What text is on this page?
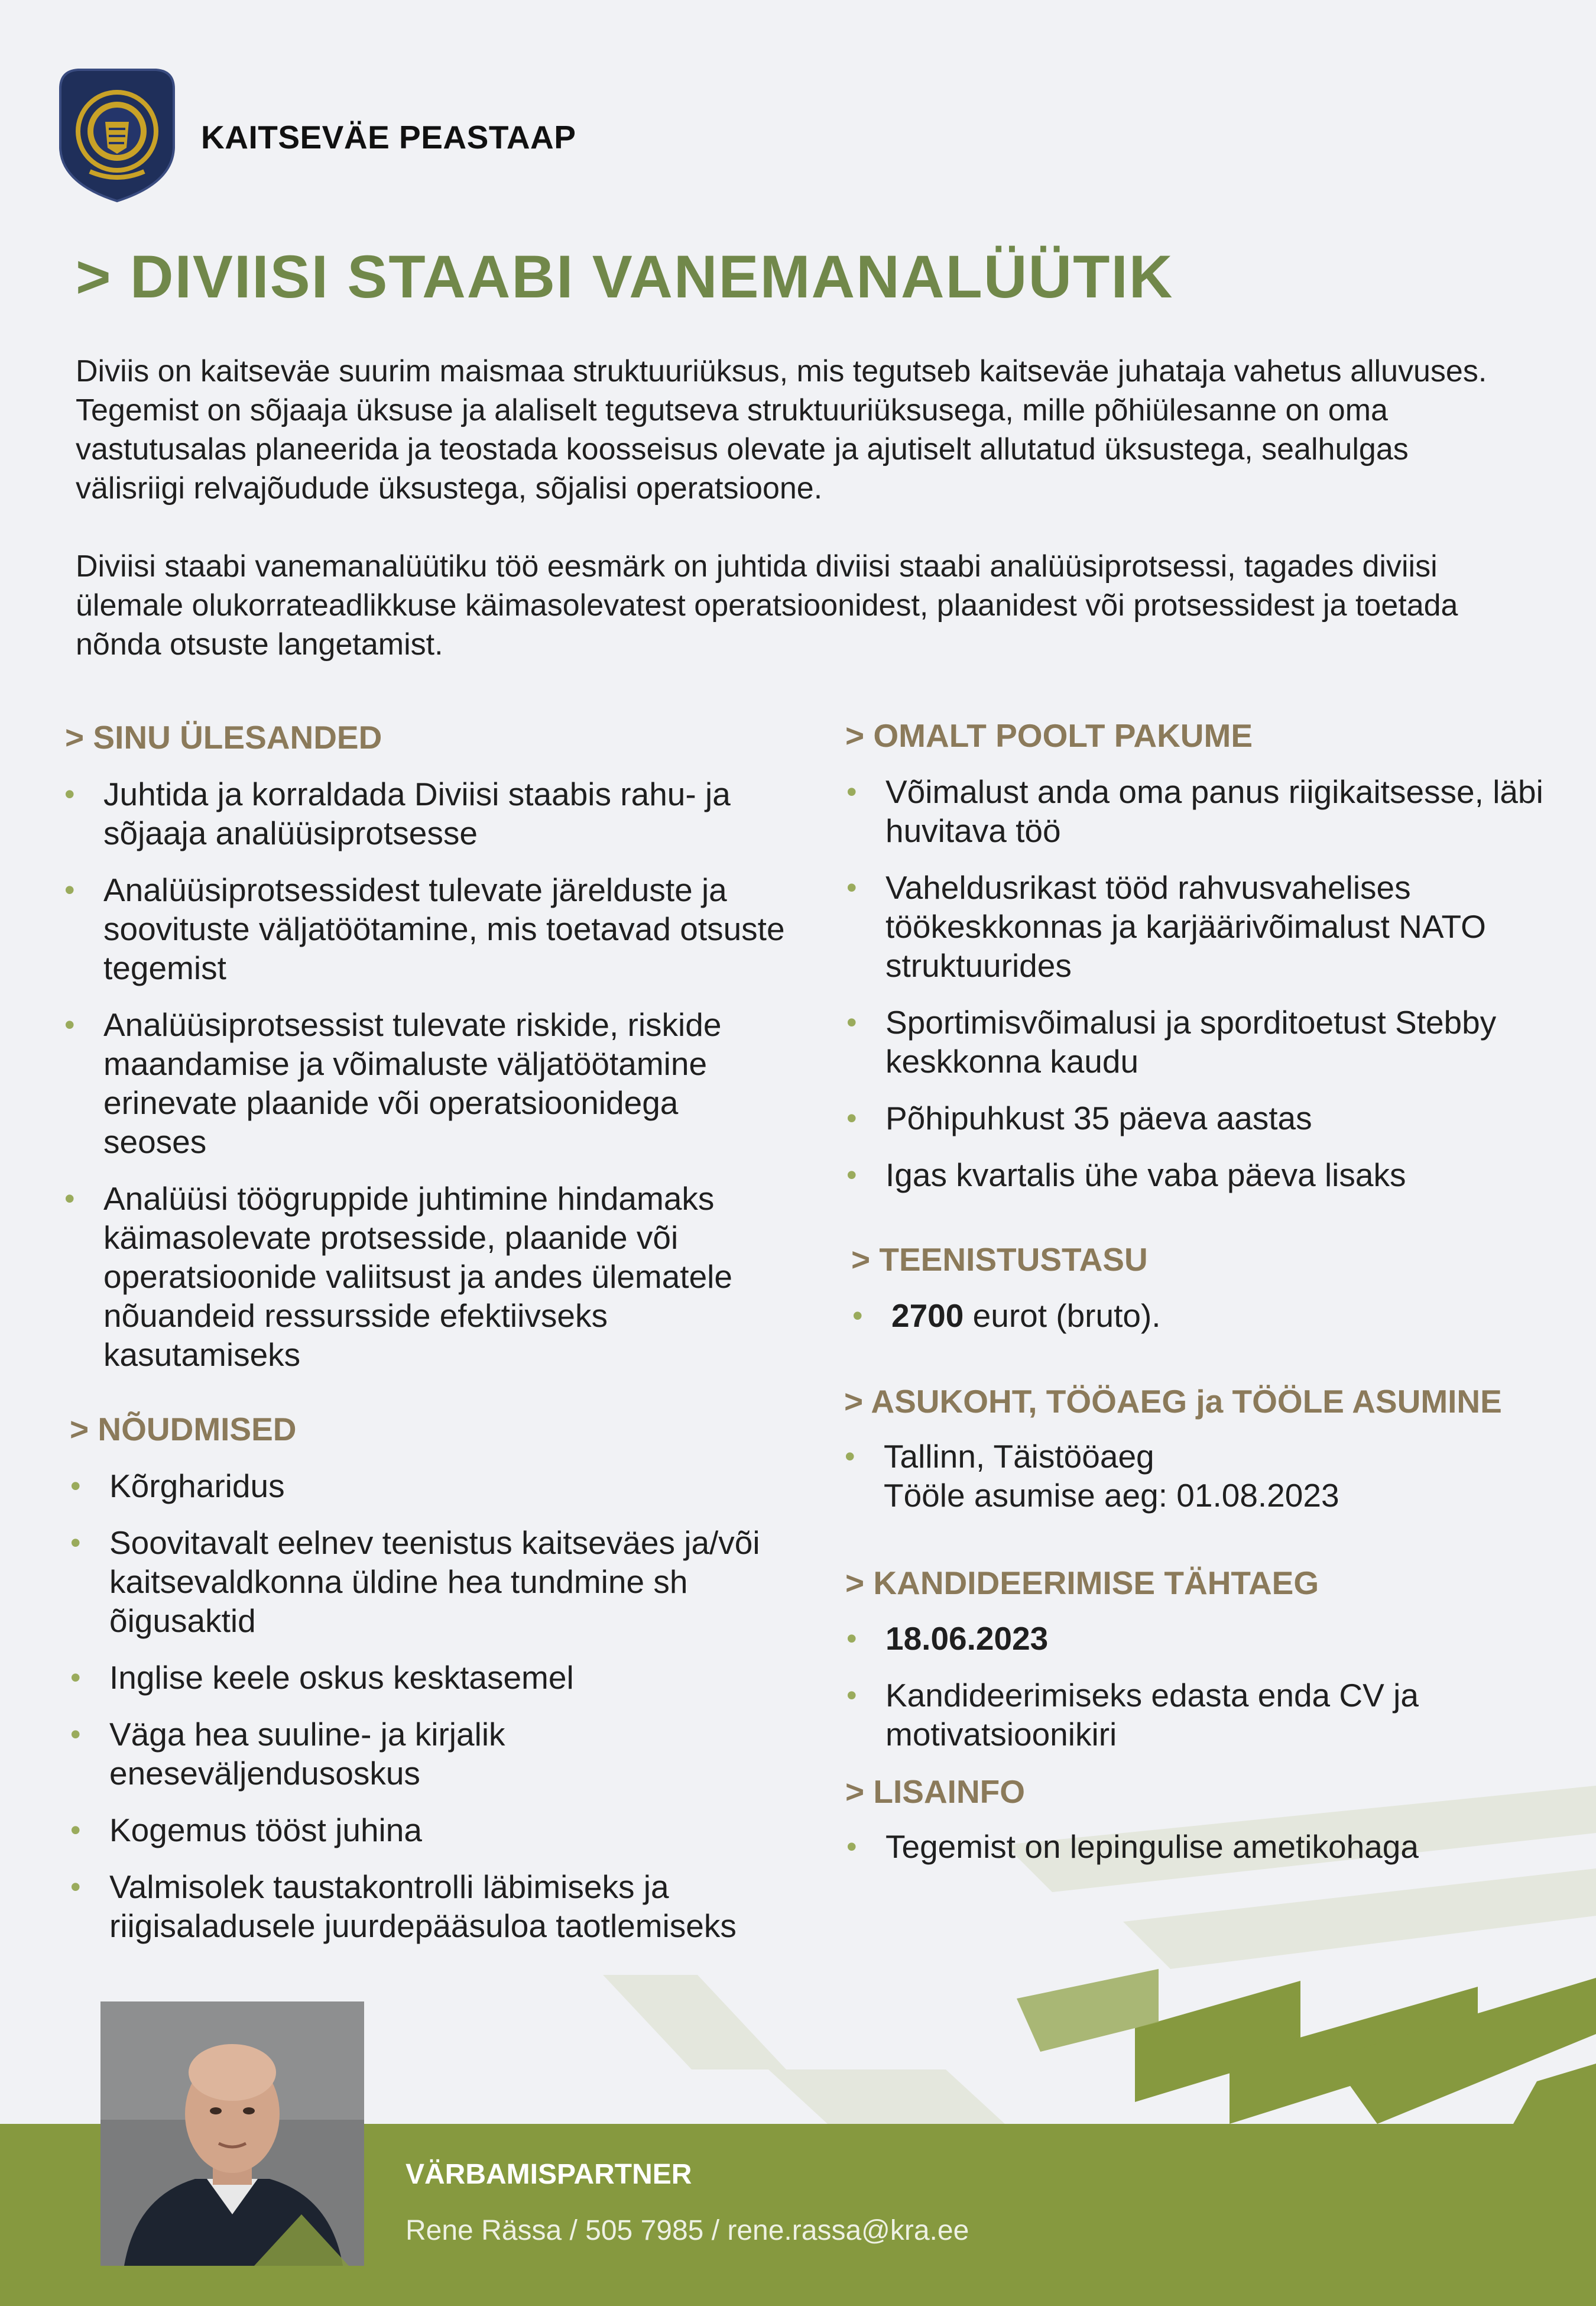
KAITSEVÄE PEASTAAP
> DIVIISI STAABI VANEMANALÜÜTIK
Diviis on kaitseväe suurim maismaa struktuuriüksus, mis tegutseb kaitseväe juhataja vahetus alluvuses. Tegemist on sõjaaja üksuse ja alaliselt tegutseva struktuuriüksusega, mille põhiülesanne on oma vastutusalas planeerida ja teostada koosseisus olevate ja ajutiselt allutatud üksustega, sealhulgas välisriigi relvajõudude üksustega, sõjalisi operatsioone.
Diviisi staabi vanemanalüütiku töö eesmärk on juhtida diviisi staabi analüüsiprotsessi, tagades diviisi ülemale olukorrateadlikkuse käimasolevatest operatsioonidest, plaanidest või protsessidest ja toetada nõnda otsuste langetamist.
> SINU ÜLESANDED
• Juhtida ja korraldada Diviisi staabis rahu- ja sõjaaja analüüsiprotsesse
• Analüüsiprotsessidest tulevate järelduste ja soovituste väljatöötamine, mis toetavad otsuste tegemist
• Analüüsiprotsessist tulevate riskide, riskide maandamise ja võimaluste väljatöötamine erinevate plaanide või operatsioonidega seoses
• Analüüsi töögruppide juhtimine hindamaks käimasolevate protsesside, plaanide või operatsioonide valiitsust ja andes ülematele nõuandeid ressursside efektiivseks kasutamiseks
> NÕUDMISED
• Kõrgharidus
• Soovitavalt eelnev teenistus kaitseväes ja/või kaitsevaldkonna üldine hea tundmine sh õigusaktid
• Inglise keele oskus kesktasemel
• Väga hea suuline- ja kirjalik eneseväljendusoskus
• Kogemus tööst juhina
• Valmisolek taustakontrolli läbimiseks ja riigisaladusele juurdepääsuloa taotlemiseks
> OMALT POOLT PAKUME
• Võimalust anda oma panus riigikaitsesse, läbi huvitava töö
• Vaheldusrikast tööd rahvusvahelises töökeskkonnas ja karjäärivõimalust NATO struktuurides
• Sportimisvõimalusi ja sporditoetust Stebby keskkonna kaudu
• Põhipuhkust 35 päeva aastas
• Igas kvartalis ühe vaba päeva lisaks
> TEENISTUSTASU
• 2700 eurot (bruto).
> ASUKOHT, TÖÖAEG ja TÖÖLE ASUMINE
• Tallinn, Täistööaeg
Tööle asumise aeg: 01.08.2023
> KANDIDEERIMISE TÄHTAEG
• 18.06.2023
• Kandideerimiseks edasta enda CV ja motivatsioonikiri
> LISAINFO
• Tegemist on lepingulise ametikohaga
VÄRBAMISPARTNER
Rene Rässa / 505 7985 / rene.rassa@kra.ee
